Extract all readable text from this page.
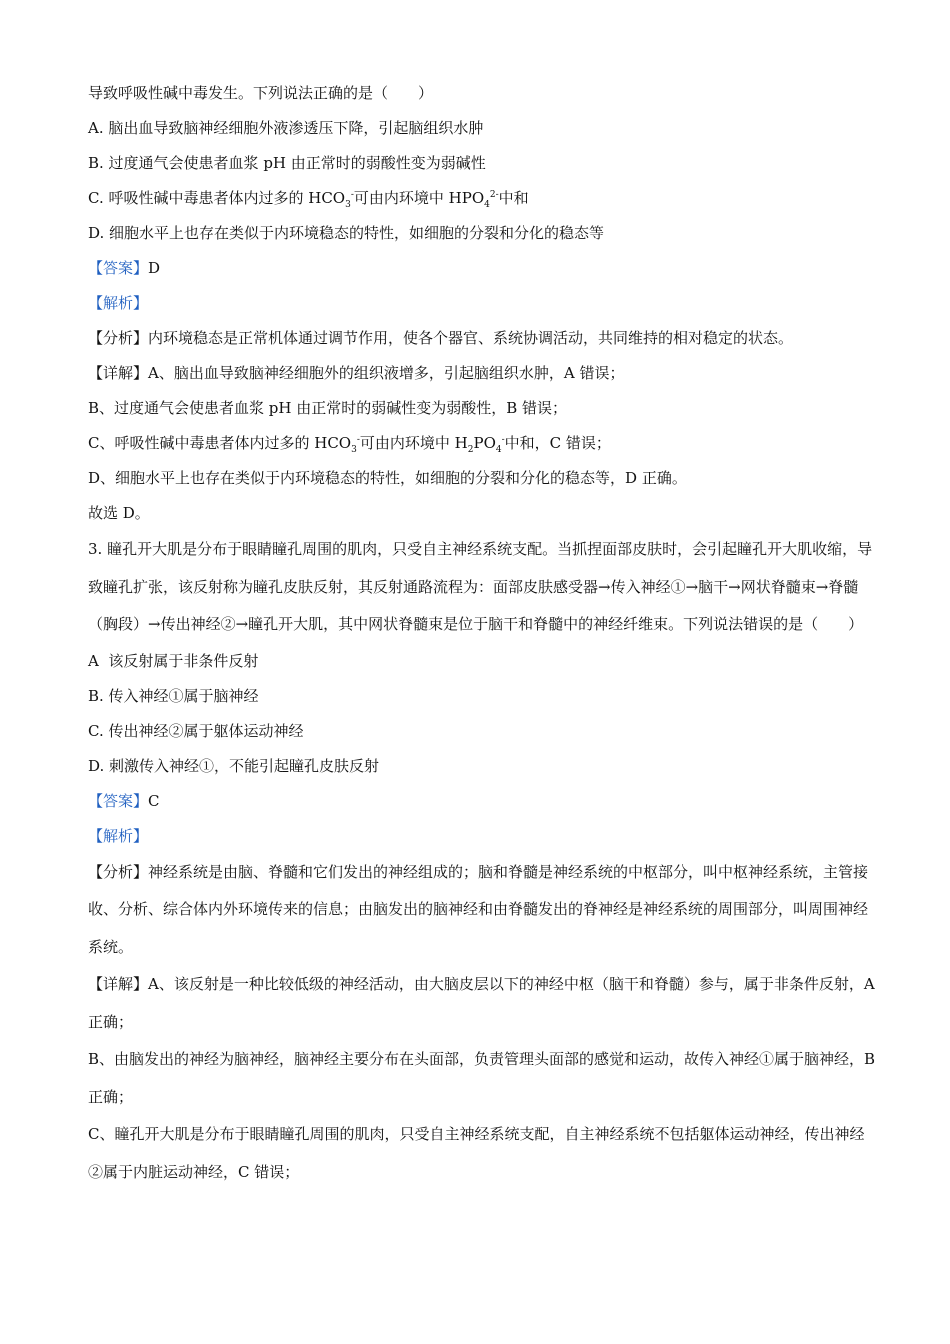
导致呼吸性碱中毒发生。下列说法正确的是（　　）

A. 脑出血导致脑神经细胞外液渗透压下降，引起脑组织水肿

B. 过度通气会使患者血浆 pH 由正常时的弱酸性变为弱碱性

C. 呼吸性碱中毒患者体内过多的 $HCO_3^-$可由内环境中 $HPO_4^{2-}$中和

D. 细胞水平上也存在类似于内环境稳态的特性，如细胞的分裂和分化的稳态等

【答案】D

【解析】

【分析】内环境稳态是正常机体通过调节作用，使各个器官、系统协调活动，共同维持的相对稳定的状态。

【详解】A、脑出血导致脑神经细胞外的组织液增多，引起脑组织水肿，A 错误；

B、过度通气会使患者血浆 pH 由正常时的弱碱性变为弱酸性，B 错误；

C、呼吸性碱中毒患者体内过多的 $HCO_3^-$可由内环境中 $H_2PO_4^-$中和，C 错误；

D、细胞水平上也存在类似于内环境稳态的特性，如细胞的分裂和分化的稳态等，D 正确。

故选 D。

3. 瞳孔开大肌是分布于眼睛瞳孔周围的肌肉，只受自主神经系统支配。当抓捏面部皮肤时，会引起瞳孔开大肌收缩，导致瞳孔扩张，该反射称为瞳孔皮肤反射，其反射通路流程为：面部皮肤感受器→传入神经①→脑干→网状脊髓束→脊髓（胸段）→传出神经②→瞳孔开大肌，其中网状脊髓束是位于脑干和脊髓中的神经纤维束。下列说法错误的是（　　）

A  该反射属于非条件反射

B. 传入神经①属于脑神经

C. 传出神经②属于躯体运动神经

D. 刺激传入神经①，不能引起瞳孔皮肤反射

【答案】C

【解析】

【分析】神经系统是由脑、脊髓和它们发出的神经组成的；脑和脊髓是神经系统的中枢部分，叫中枢神经系统，主管接收、分析、综合体内外环境传来的信息；由脑发出的脑神经和由脊髓发出的脊神经是神经系统的周围部分，叫周围神经系统。

【详解】A、该反射是一种比较低级的神经活动，由大脑皮层以下的神经中枢（脑干和脊髓）参与，属于非条件反射，A 正确；

B、由脑发出的神经为脑神经，脑神经主要分布在头面部，负责管理头面部的感觉和运动，故传入神经①属于脑神经，B 正确；

C、瞳孔开大肌是分布于眼睛瞳孔周围的肌肉，只受自主神经系统支配，自主神经系统不包括躯体运动神经，传出神经②属于内脏运动神经，C 错误；
